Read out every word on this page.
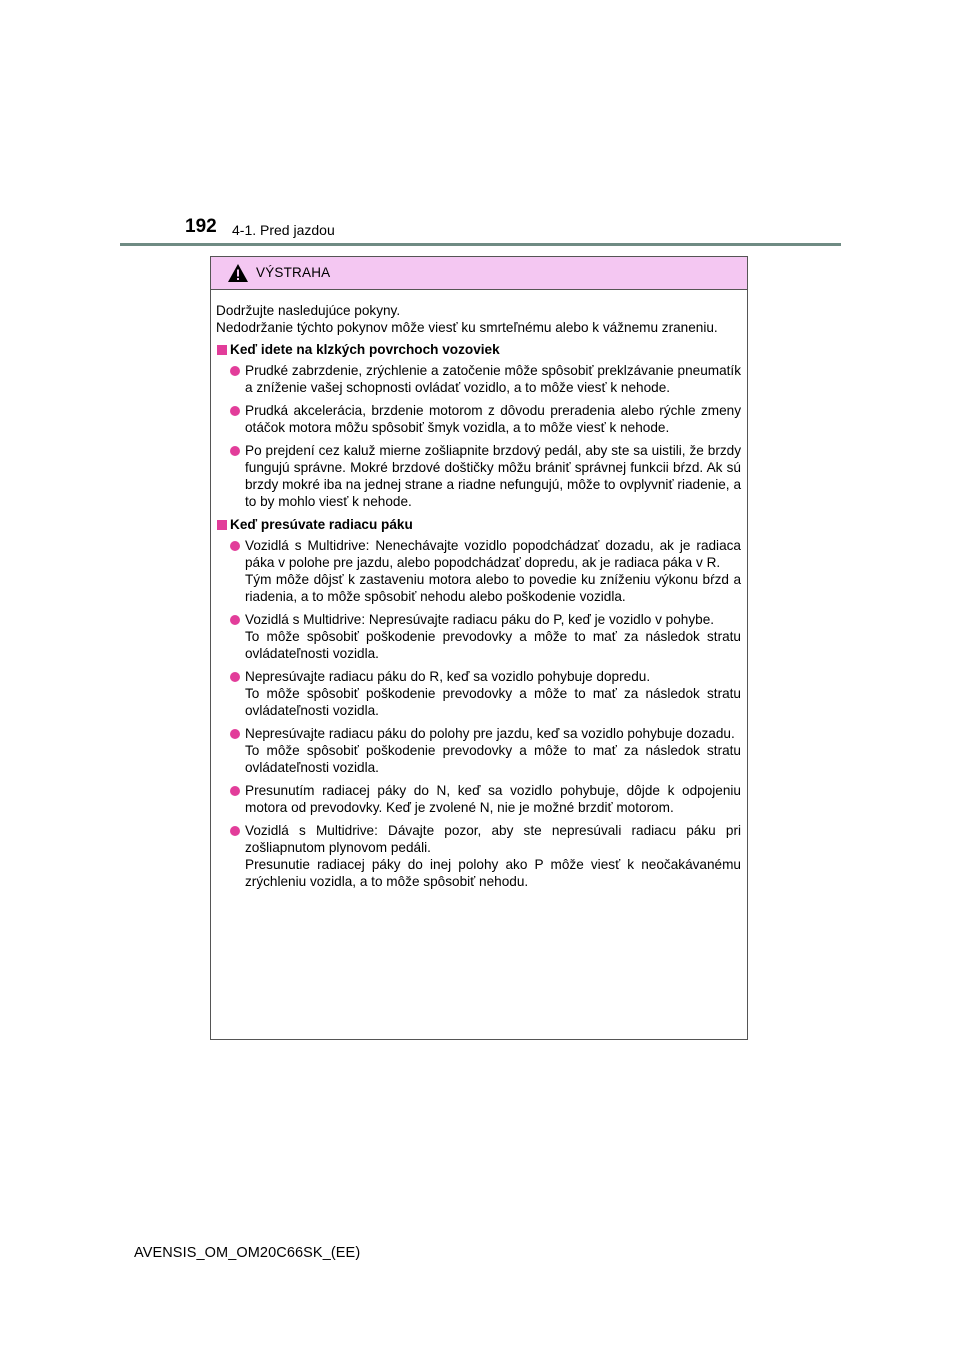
192 4-1. Pred jazdou
VÝSTRAHA
Dodržujte nasledujúce pokyny.
Nedodržanie týchto pokynov môže viesť ku smrteľnému alebo k vážnemu zraneniu.
Keď idete na klzkých povrchoch vozoviek
Prudké zabrzdenie, zrýchlenie a zatočenie môže spôsobiť preklzávanie pneumatík a zníženie vašej schopnosti ovládať vozidlo, a to môže viesť k nehode.
Prudká akcelerácia, brzdenie motorom z dôvodu preradenia alebo rýchle zmeny otáčok motora môžu spôsobiť šmyk vozidla, a to môže viesť k nehode.
Po prejdení cez kaluž mierne zošliapnite brzdový pedál, aby ste sa uistili, že brzdy fungujú správne. Mokré brzdové doštičky môžu brániť správnej funkcii bŕzd. Ak sú brzdy mokré iba na jednej strane a riadne nefungujú, môže to ovplyvniť riadenie, a to by mohlo viesť k nehode.
Keď presúvate radiacu páku
Vozidlá s Multidrive: Nenechávajte vozidlo popodchádzať dozadu, ak je radiaca páka v polohe pre jazdu, alebo popodchádzať dopredu, ak je radiaca páka v R.
Tým môže dôjsť k zastaveniu motora alebo to povedie ku zníženiu výkonu bŕzd a riadenia, a to môže spôsobiť nehodu alebo poškodenie vozidla.
Vozidlá s Multidrive: Nepresúvajte radiacu páku do P, keď je vozidlo v pohybe.
To môže spôsobiť poškodenie prevodovky a môže to mať za následok stratu ovládateľnosti vozidla.
Nepresúvajte radiacu páku do R, keď sa vozidlo pohybuje dopredu.
To môže spôsobiť poškodenie prevodovky a môže to mať za následok stratu ovládateľnosti vozidla.
Nepresúvajte radiacu páku do polohy pre jazdu, keď sa vozidlo pohybuje dozadu.
To môže spôsobiť poškodenie prevodovky a môže to mať za následok stratu ovládateľnosti vozidla.
Presunutím radiacej páky do N, keď sa vozidlo pohybuje, dôjde k odpojeniu motora od prevodovky. Keď je zvolené N, nie je možné brzdiť motorom.
Vozidlá s Multidrive: Dávajte pozor, aby ste nepresúvali radiacu páku pri zošliapnutom plynovom pedáli.
Presunutie radiacej páky do inej polohy ako P môže viesť k neočakávanému zrýchleniu vozidla, a to môže spôsobiť nehodu.
AVENSIS_OM_OM20C66SK_(EE)
